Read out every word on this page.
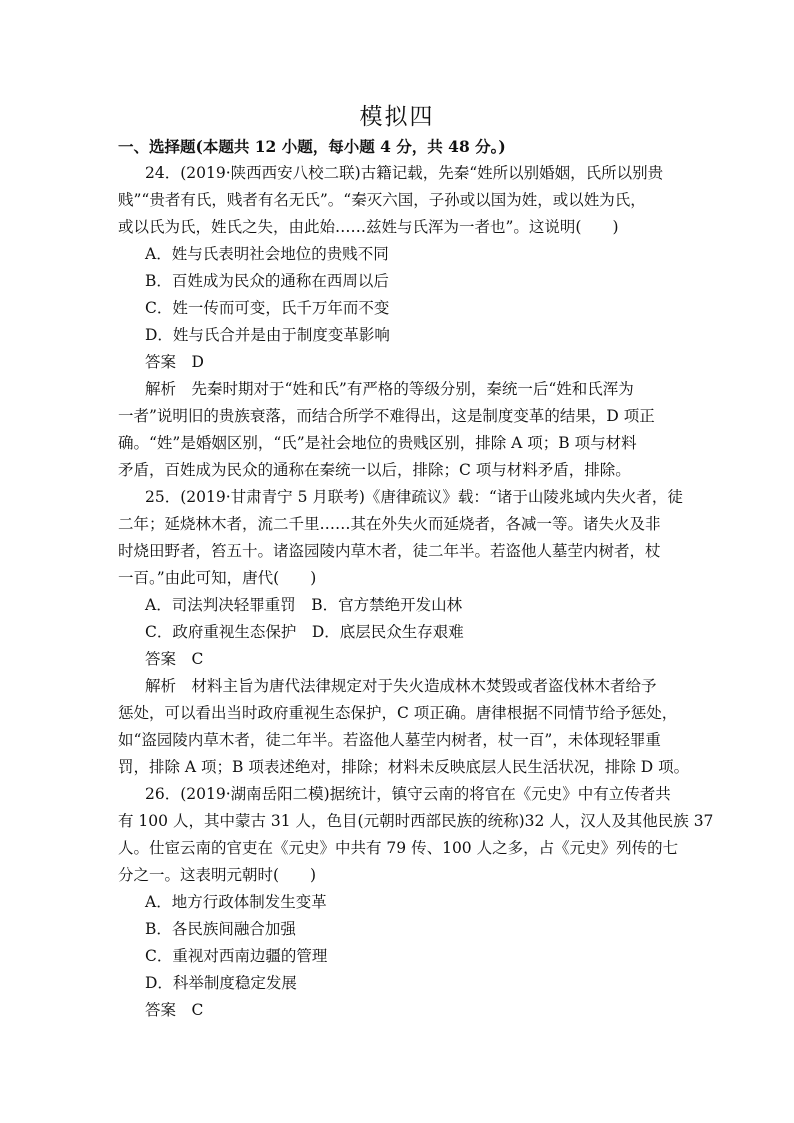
模拟四
一、选择题(本题共 12 小题，每小题 4 分，共 48 分。)
24．(2019·陕西西安八校二联)古籍记载，先秦“姓所以别婚姻，氏所以别贵
贱”“贵者有氏，贱者有名无氏”。“秦灭六国，子孙或以国为姓，或以姓为氏，
或以氏为氏，姓氏之失，由此始……兹姓与氏浑为一者也”。这说明(　　)
A．姓与氏表明社会地位的贵贱不同
B．百姓成为民众的通称在西周以后
C．姓一传而可变，氏千万年而不变
D．姓与氏合并是由于制度变革影响
答案　D
解析　先秦时期对于“姓和氏”有严格的等级分别，秦统一后“姓和氏浑为
一者”说明旧的贵族衰落，而结合所学不难得出，这是制度变革的结果，D 项正
确。“姓”是婚姻区别，“氏”是社会地位的贵贱区别，排除 A 项；B 项与材料
矛盾，百姓成为民众的通称在秦统一以后，排除；C 项与材料矛盾，排除。
25．(2019·甘肃青宁 5 月联考)《唐律疏议》载：“诸于山陵兆域内失火者，徒
二年；延烧林木者，流二千里……其在外失火而延烧者，各减一等。诸失火及非
时烧田野者，笞五十。诸盗园陵内草木者，徒二年半。若盗他人墓茔内树者，杖
一百。”由此可知，唐代(　　)
A．司法判决轻罪重罚　B．官方禁绝开发山林
C．政府重视生态保护　D．底层民众生存艰难
答案　C
解析　材料主旨为唐代法律规定对于失火造成林木焚毁或者盗伐林木者给予
惩处，可以看出当时政府重视生态保护，C 项正确。唐律根据不同情节给予惩处，
如“盗园陵内草木者，徒二年半。若盗他人墓茔内树者，杖一百”，未体现轻罪重
罚，排除 A 项；B 项表述绝对，排除；材料未反映底层人民生活状况，排除 D 项。
26．(2019·湖南岳阳二模)据统计，镇守云南的将官在《元史》中有立传者共
有 100 人，其中蒙古 31 人，色目(元朝时西部民族的统称)32 人，汉人及其他民族 37
人。仕宦云南的官吏在《元史》中共有 79 传、100 人之多，占《元史》列传的七
分之一。这表明元朝时(　　)
A．地方行政体制发生变革
B．各民族间融合加强
C．重视对西南边疆的管理
D．科举制度稳定发展
答案　C
